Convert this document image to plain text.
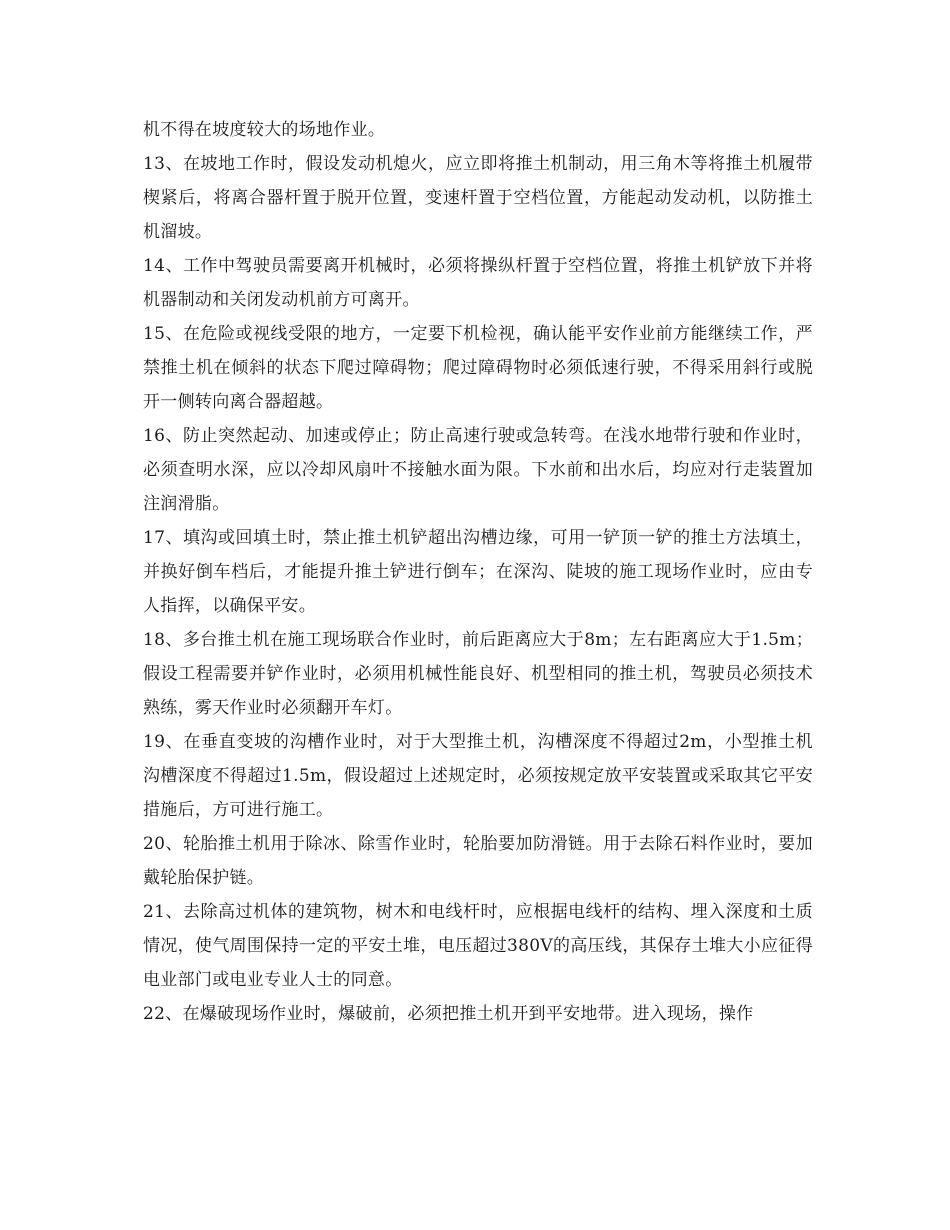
机不得在坡度较大的场地作业。

13、在坡地工作时，假设发动机熄火，应立即将推土机制动，用三角木等将推土机履带楔紧后，将离合器杆置于脱开位置，变速杆置于空档位置，方能起动发动机，以防推土机溜坡。

14、工作中驾驶员需要离开机械时，必须将操纵杆置于空档位置，将推土机铲放下并将机器制动和关闭发动机前方可离开。

15、在危险或视线受限的地方，一定要下机检视，确认能平安作业前方能继续工作，严禁推土机在倾斜的状态下爬过障碍物；爬过障碍物时必须低速行驶，不得采用斜行或脱开一侧转向离合器超越。

16、防止突然起动、加速或停止；防止高速行驶或急转弯。在浅水地带行驶和作业时，必须查明水深，应以冷却风扇叶不接触水面为限。下水前和出水后，均应对行走装置加注润滑脂。

17、填沟或回填土时，禁止推土机铲超出沟槽边缘，可用一铲顶一铲的推土方法填土，并换好倒车档后，才能提升推土铲进行倒车；在深沟、陡坡的施工现场作业时，应由专人指挥，以确保平安。

18、多台推土机在施工现场联合作业时，前后距离应大于8m；左右距离应大于1.5m；假设工程需要并铲作业时，必须用机械性能良好、机型相同的推土机，驾驶员必须技术熟练，雾天作业时必须翻开车灯。

19、在垂直变坡的沟槽作业时，对于大型推土机，沟槽深度不得超过2m，小型推土机沟槽深度不得超过1.5m，假设超过上述规定时，必须按规定放平安装置或采取其它平安措施后，方可进行施工。

20、轮胎推土机用于除冰、除雪作业时，轮胎要加防滑链。用于去除石料作业时，要加戴轮胎保护链。

21、去除高过机体的建筑物，树木和电线杆时，应根据电线杆的结构、埋入深度和土质情况，使气周围保持一定的平安土堆，电压超过380V的高压线，其保存土堆大小应征得电业部门或电业专业人士的同意。

22、在爆破现场作业时，爆破前，必须把推土机开到平安地带。进入现场，操作
